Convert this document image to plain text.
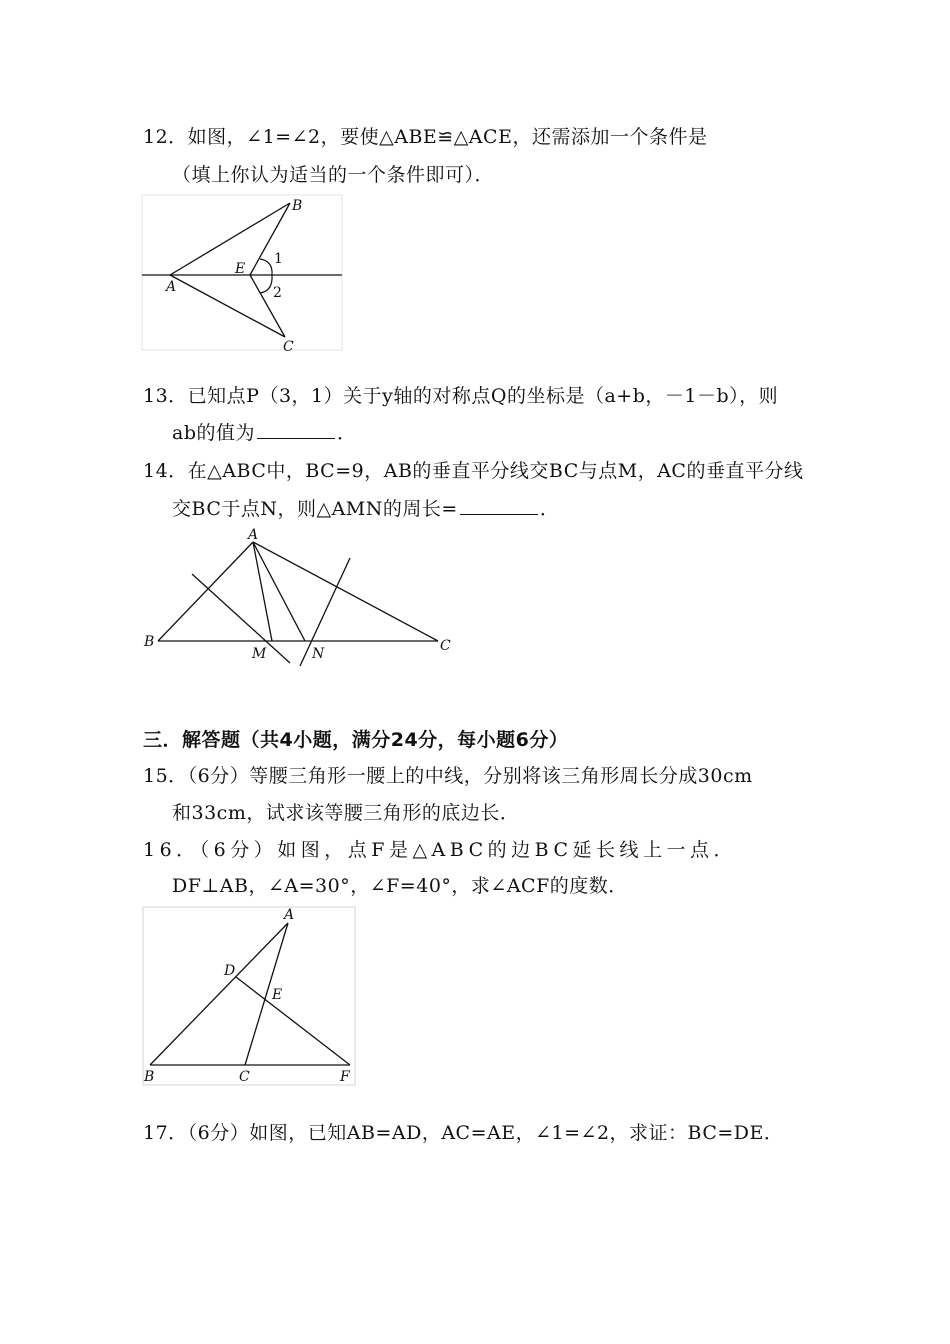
12．如图，∠1=∠2，要使△ABE≌△ACE，还需添加一个条件是
（填上你认为适当的一个条件即可）．
B
A
E
1
2
C
13．已知点P（3，1）关于y轴的对称点Q的坐标是（a+b，－1－b），则
ab的值为	．
14．在△ABC中，BC=9，AB的垂直平分线交BC与点M，AC的垂直平分线
交BC于点N，则△AMN的周长=	．
A
B
M	N	C
三．解答题（共4小题，满分24分，每小题6分）
15．（6分）等腰三角形一腰上的中线，分别将该三角形周长分成30cm
和33cm，试求该等腰三角形的底边长．
16．（6分）如图，点F是△ABC的边BC延长线上一点．
DF⊥AB，∠A=30°，∠F=40°，求∠ACF的度数．
A
D
E
B	C	F
17．（6分）如图，已知AB=AD，AC=AE，∠1=∠2，求证：BC=DE．
